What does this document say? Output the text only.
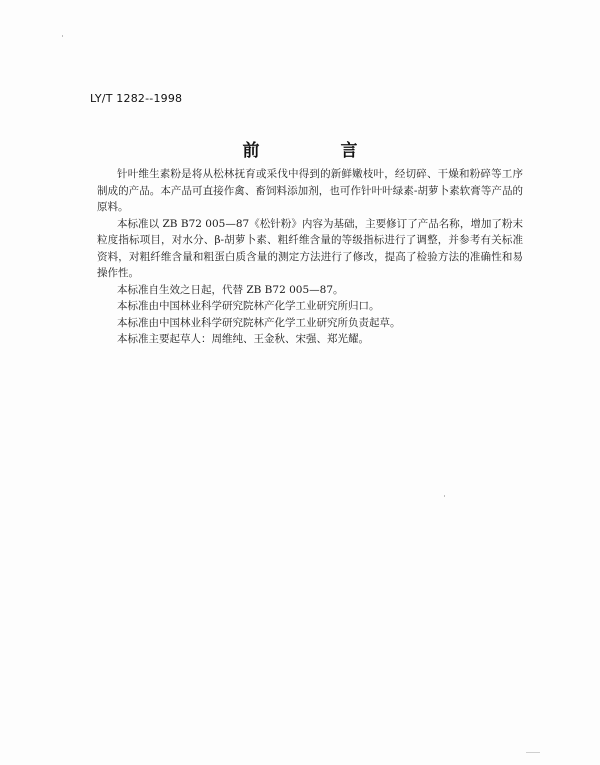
LY/T 1282--1998
前　言

针叶维生素粉是将从松林抚育或采伐中得到的新鲜嫩枝叶，经切碎、干燥和粉碎等工序制成的产品。本产品可直接作禽、畜饲料添加剂，也可作针叶叶绿素-胡萝卜素软膏等产品的原料。

本标准以 ZB B72 005—87《松针粉》内容为基础，主要修订了产品名称，增加了粉末粒度指标项目，对水分、β-胡萝卜素、粗纤维含量的等级指标进行了调整，并参考有关标准资料，对粗纤维含量和粗蛋白质含量的测定方法进行了修改，提高了检验方法的准确性和易操作性。

本标准自生效之日起，代替 ZB B72 005—87。

本标准由中国林业科学研究院林产化学工业研究所归口。

本标准由中国林业科学研究院林产化学工业研究所负责起草。

本标准主要起草人：周维纯、王金秋、宋强、郑光耀。
